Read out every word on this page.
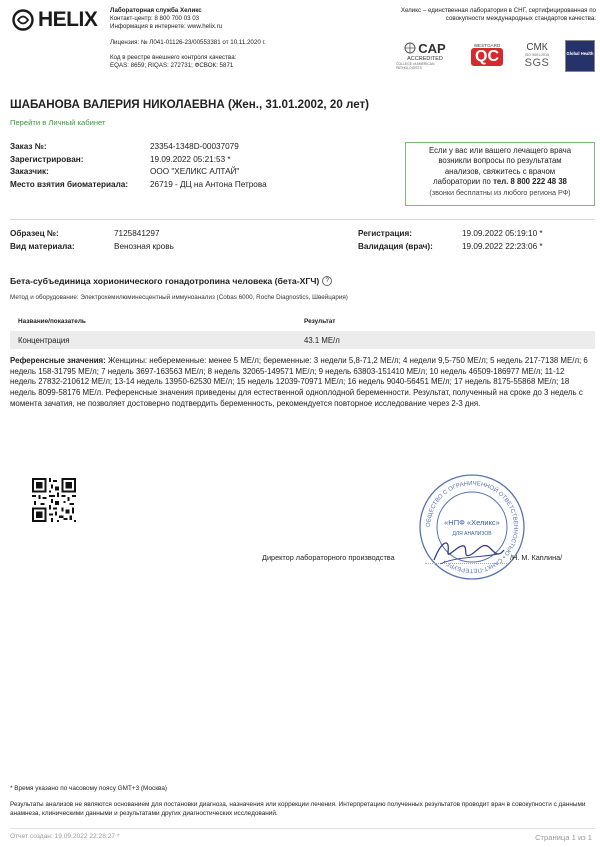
HELIX Лабораторная служба Хеликс
Контакт-центр: 8 800 700 03 03
Информация в интернете: www.helix.ru
Лицензия: № Л041-01126-23/00553381 от 10.11.2020 г.
Код в реестре внешнего контроля качества:
EQAS: 8659; RIQAS: 272731; ФСВОК: 5871
Хеликс – единственная лаборатория в СНГ, сертифицированная по совокупности международных стандартов качества:
CAP
ACCREDITED
COLLEGE of AMERICAN PATHOLOGISTS
WESTGARD
QC
СМК
ISO 9001:2015
SGS
Global Health
ШАБАНОВА ВАЛЕРИЯ НИКОЛАЕВНА (Жен., 31.01.2002, 20 лет)
Перейти в Личный кабинет
Заказ №:	23354-1348D-00037079
Зарегистрирован:	19.09.2022 05:21:53 *
Заказчик:	ООО "ХЕЛИКС АЛТАЙ"
Место взятия биоматериала:	26719 - ДЦ на Антона Петрова
Если у вас или вашего лечащего врача
возникли вопросы по результатам
анализов, свяжитесь с врачом
лаборатории по тел. 8 800 222 48 38
(звонки бесплатны из любого региона РФ)
Образец №:	7125841297
Вид материала:	Венозная кровь
Регистрация:	19.09.2022 05:19:10 *
Валидация (врач):	19.09.2022 22:23:06 *
Бета-субъединица хорионического гонадотропина человека (бета-ХГЧ)	?
Метод и оборудование: Электрохемилюминесцентный иммуноанализ (Cobas 6000, Roche Diagnostics, Швейцария)
Название/показатель	Результат
Концентрация	43.1 МЕ/л
Референсные значения: Женщины: небеременные: менее 5 МЕ/л; беременные: 3 недели 5,8-71,2 МЕ/л; 4 недели 9,5-750 МЕ/л; 5 недель 217-7138 МЕ/л; 6 недель 158-31795 МЕ/л; 7 недель 3697-163563 МЕ/л; 8 недель 32065-149571 МЕ/л; 9 недель 63803-151410 МЕ/л; 10 недель 46509-186977 МЕ/л; 11-12 недель 27832-210612 МЕ/л; 13-14 недель 13950-62530 МЕ/л; 15 недель 12039-70971 МЕ/л; 16 недель 9040-56451 МЕ/л; 17 недель 8175-55868 МЕ/л; 18 недель 8099-58176 МЕ/л. Референсные значения приведены для естественной одноплодной беременности. Результат, полученный на сроке до 3 недель с момента зачатия, не позволяет достоверно подтвердить беременность, рекомендуется повторное исследование через 2-3 дня.
ОБЩЕСТВО С ОГРАНИЧЕННОЙ ОТВЕТСТВЕННОСТЬЮ • САНКТ-ПЕТЕРБУРГ •
«НПФ «Хеликс»
ДЛЯ АНАЛИЗОВ
Директор лабораторного производства	/Н. М. Каплина/
* Время указано по часовому поясу GMT+3 (Москва)
Результаты анализов не являются основанием для постановки диагноза, назначения или коррекции лечения. Интерпретацию полученных результатов проводит врач в совокупности с данными анамнеза, клиническими данными и результатами других диагностических исследований.
Отчет создан: 19.09.2022 22:28:27 *	Страница 1 из 1
